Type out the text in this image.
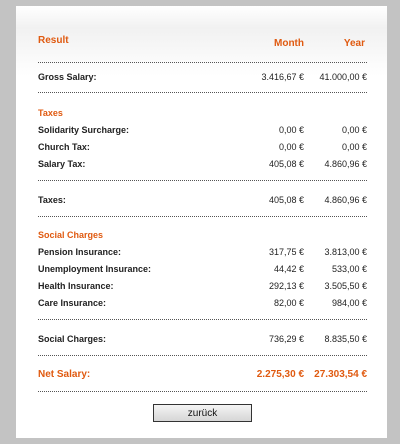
Result	Month	Year
Gross Salary:	3.416,67 € 41.000,00 €
Taxes
Solidarity Surcharge:	0,00 €	0,00 €
Church Tax:	0,00 €	0,00 €
Salary Tax:	405,08 € 4.860,96 €
Taxes:	405,08 € 4.860,96 €
Social Charges
Pension Insurance:	317,75 € 3.813,00 €
Unemployment Insurance:	44,42 €	533,00 €
Health Insurance:	292,13 € 3.505,50 €
Care Insurance:	82,00 €	984,00 €
Social Charges:	736,29 € 8.835,50 €
Net Salary:	2.275,30 € 27.303,54 €
zurück
